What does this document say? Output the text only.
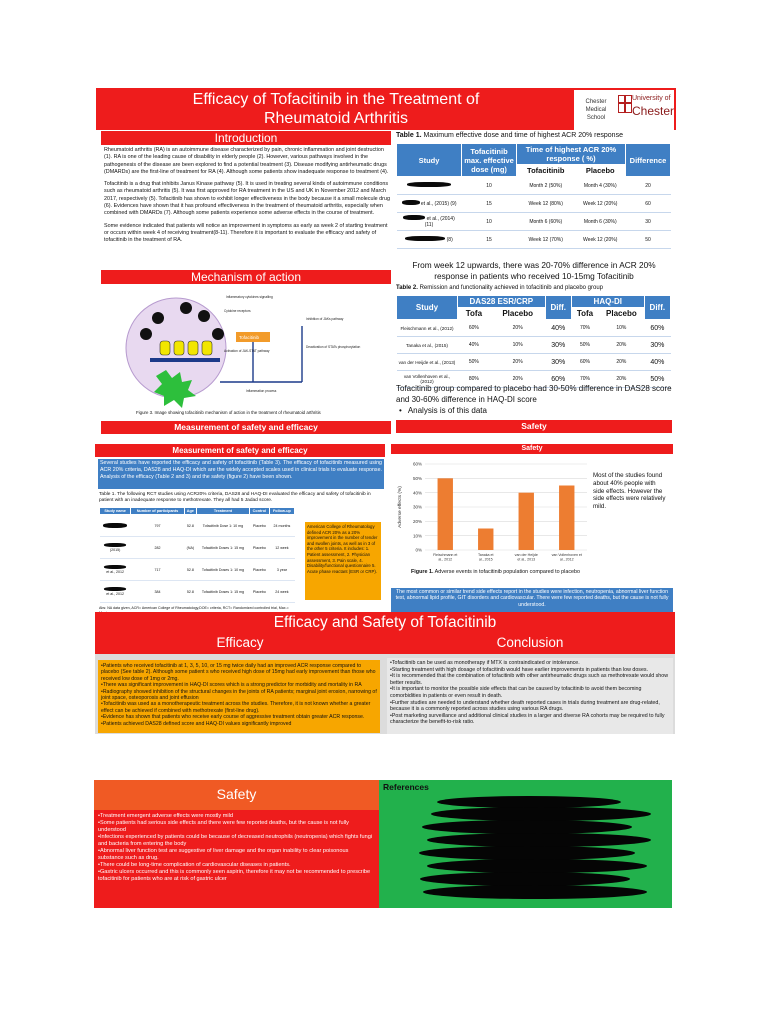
Efficacy of Tofacitinib in the Treatment of
Rheumatoid Arthritis
Chester Medical School
University of
Chester
Introduction

Rheumatoid arthritis (RA) is an autoimmune disease characterized by pain, chronic inflammation and joint destruction (1). RA is one of the leading cause of disability in elderly people (2). However, various pathways involved in the pathogenesis of the disease are been explored to find a potential treatment (3). Disease modifying antirheumatic drugs (DMARDs) are the first-line of treatment for RA (4). Although some patients show inadequate response to treatment (4).

Tofacitinib is a drug that inhibits Janus Kinase pathway (5). It is used in treating several kinds of autoimmune conditions such as rheumatoid arthritis (5). It was first approved for RA treatment in the US and UK in November 2012 and March 2017, respectively (5). Tofacitinib has shown to exhibit longer effectiveness in the body because it a small molecule drug (6). Evidences have shown that it has profound effectiveness in the treatment of rheumatoid arthritis, especially when combined with DMARDs (7). Although some patients experience some adverse effects in the course of treatment.

Some evidence indicated that patients will notice an improvement in symptoms as early as week 2 of starting treatment or occurs within week 4 of receiving treatment(8-11). Therefore it is important to evaluate the efficacy and safety of tofacitinib in the treatment of RA.

Mechanism of action
Tofacitinib
Inflammatory cytokines signalling
Cytokine receptors
Activation of JAK-STAT pathway
Inhibition of JAKs pathway
Deactivation of STATs phosphorylation
Inflammation process
Figure 3. Image showing tofacitinib mechanism of action in the treatment of rheumatoid arthritis
Measurement of safety and efficacy
Table 1. Maximum effective dose and time of highest ACR 20% response
Study	Tofacitinib max. effective dose (mg)	Time of highest ACR 20% response ( %)		Difference
		Tofacitinib	Placebo	
	10	Month 2 (50%)	Month 4 (30%)	20
et al., (2015) (9)	15	Week 12 (80%)	Week 12 (20%)	60
et al., (2014) (11)	10	Month 6 (60%)	Month 6 (30%)	30
(8)	15	Week 12 (70%)	Week 12 (20%)	50
From week 12 upwards, there was 20-70% difference in ACR 20% response in patients who received 10-15mg Tofacitinib
Table 2. Remission and functionality achieved in tofacitinib and placebo group
Study	DAS28 ESR/CRP		Diff.	HAQ-DI		Diff.
	Tofa	Placebo		Tofa	Placebo	
Fleischmann et al., (2012)	60%	20%	40%	70%	10%	60%
Tanaka et al., (2015)	40%	10%	30%	50%	20%	30%
van der Heijde et al., (2013)	50%	20%	30%	60%	20%	40%
van Vollenhoven et al., (2012)	80%	20%	60%	70%	20%	50%
Tofacitinib group compared to placebo had 30-50% difference in DAS28 score and 30-60% difference in HAQ-DI score
• Analysis is of this data
Safety
Measurement of safety and efficacy
Several studies have reported the efficacy and safety of tofacitinib (Table 3). The efficacy of tofacitinib measured using ACR 20% criteria, DAS28 and HAQ-DI which are the widely accepted scales used in clinical trials to evaluate response. Analysis of the efficacy (Table 2 and 3) and the safety (figure 2) have been shown.
Table 1. The following RCT studies using ACR20% criteria, DAS28 and HAQ-DI evaluated the efficacy and safety of tofacitinib in patient with an inadequate response to methotrexate. They all had 5 Jadad score.
Study name	Number of participants	Age	Treatment	Control	Follow-up
	797	52.8	Tofacitinib Dose 1: 10 mg	Placebo	24 months

(2015)	282	(NA)	Tofacitinib Doses 1: 15 mg	Placebo	12 week

et al., 2012	717	52.8	Tofacitinib Doses 1: 10 mg	Placebo	3 year

et al., 2012	384	52.8	Tofacitinib Doses 1: 15 mg	Placebo	24 week
Abs: NA data given, ACR= American College of Rheumatology,DOE= criteria, RCT= Randomized controlled trial, Max.=
American College of Rheumatology defined ACR 20% as a 20% improvement in the number of tender and swollen joints, as well as in 3 of the other 5 criteria. It includes: 1. Patient assessment, 2. Physician assessment, 3. Pain scale, 4. Disability/functional questionnaire 5. Acute phase reactant (ESR or CRP).
Safety
0%
10%
20%
30%
40%
50%
60%
Adverse effects (%)
Fleischmann et
al., 2012
Tanaka et
al., 2015
van der Heijde
et al., 2013
van Vollenhoven et
al., 2012
Most of the studies found about 40% people with side effects. However the side effects were relatively mild.
Figure 1. Adverse events in tofacitinib population compared to placebo
The most common or similar trend side effects report in the studies were infection, neutropenia, abnormal liver function test, abnormal lipid profile, GIT disorders and cardiovascular. There were few reported deaths, but the cause is not fully understood.
Efficacy and Safety of Tofacitinib
Efficacy	Conclusion
•Patients who received tofacitinib at 1, 3, 5, 10, or 15 mg twice daily had an improved ACR response compared to placebo (See table 2). Although some patient s who received high dose of 15mg had early improvement than those who received low dose of 1mg or 2mg.
•There was significant improvement in HAQ-DI scores which is a strong predictor for morbidity and mortality in RA
•Radiography showed inhibition of the structural changes in the joints of RA patients; marginal joint erosion, narrowing of joint space, osteoporosis and joint effusion
•Tofacitinib was used as a monotherapeutic treatment across the studies. Therefore, it is not known whether a greater effect can be achieved if combined with methotrexate (first-line drug).
•Evidence has shown that patients who receive early course of aggressive treatment obtain greater ACR response.
•Patients achieved DAS28 defined score and HAQ-DI values significantly improved
•Tofacitinib can be used as monotherapy if MTX is contraindicated or intolerance.
•Starting treatment with high dosage of tofacitinib would have earlier improvements in patients than low doses.
•It is recommended that the combination of tofacitinib with other antirheumatic drugs such as methotrexate would show better results.
•It is important to monitor the possible side effects that can be caused by tofacitinib to avoid them becoming comorbidities in patients or even result in death.
•Further studies are needed to understand whether death reported cases in trials during treatment are drug-related, because it is a commonly reported across studies using various RA drugs.
•Post marketing surveillance and additional clinical studies in a larger and diverse RA cohorts may be required to fully characterize the benefit-to-risk ratio.
Safety
•Treatment emergent adverse effects were mostly mild
•Some patients had serious side effects and there were few reported deaths, but the cause is not fully understood
•Infections experienced by patients could be because of decreased neutrophils (neutropenia) which fights fungi and bacteria from entering the body
•Abnormal liver function test are suggestive of liver damage and the organ inability to clear poisonous substance such as drug.
•There could be long-time complication of cardiovascular diseases in patients.
•Gastric ulcers occurred and this is commonly seen aspirin, therefore it may not be recommended to prescribe tofacitinib for patients who are at risk of gastric ulcer
References
